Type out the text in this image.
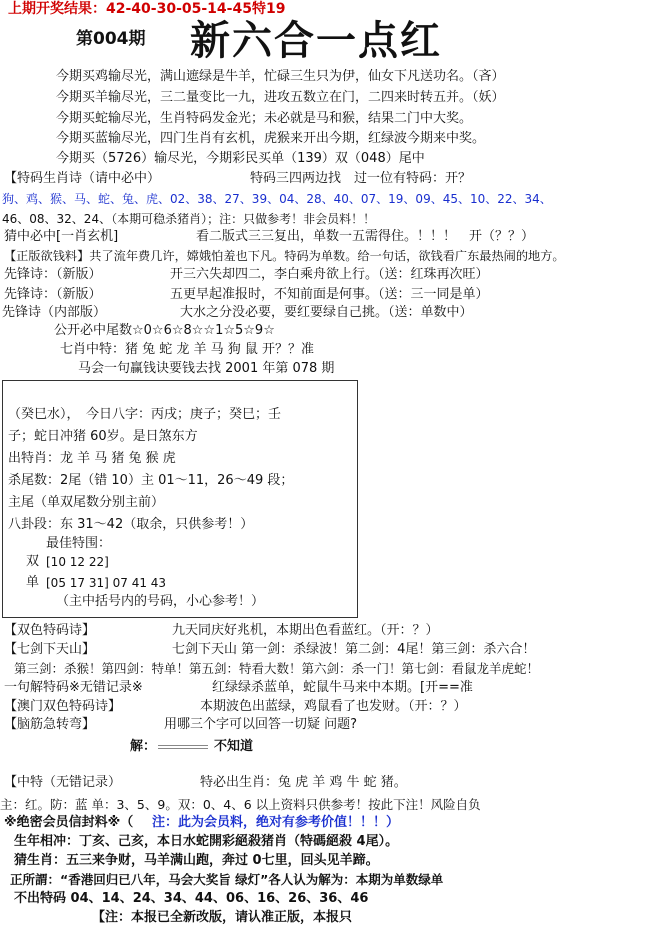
上期开奖结果：42-40-30-05-14-45特19
第004期 新六合一点红
今期买鸡输尽光，满山遮绿是牛羊，忙碌三生只为伊，仙女下凡送功名。（吝）
今期买羊输尽光，三二量变比一九，进攻五数立在门，二四来时转五并。（妖）
今期买蛇输尽光，生肖特码发金光；未必就是马和猴，结果二门中大奖。
今期买蓝输尽光，四门生肖有玄机，虎猴来开出今期，红绿波今期来中奖。
今期买（5726）输尽光，今期彩民买单（139）双（048）尾中
【特码生肖诗（请中必中）	特码三四两边找　过一位有特码：开？
狗、鸡、猴、马、蛇、兔、虎、02、38、27、39、04、28、40、07、19、09、45、10、22、34、
46、08、32、24、（本期可稳杀猪肖）；注：只做参考！非会员料！！
猜中必中[一肖玄机]	看二版式三三复出，单数一五需得住。！！！　开（？？）
【正版欲钱料】共了流年费几许，嫦娥怕羞也下凡。特码为单数。给一句话，欲钱看广东最热闹的地方。
先锋诗：（新版）	开三六失却四二，李白乘舟欲上行。（送：红珠再次旺）
先锋诗：（新版）	五更早起准报时，不知前面是何事。（送：三一同是单）
先锋诗（内部版）	大水之分没必要，要红要绿自己挑。（送：单数中）
公开必中尾数☆0☆6☆8☆☆1☆5☆9☆
七肖中特：猪 兔 蛇 龙 羊 马 狗 鼠 开？？准
马会一句赢钱诀要钱去找 2001 年第 078 期
（癸巳水），　今日八字：丙戌；庚子；癸巳；壬
子；蛇日冲猪 60岁。是日煞东方
出特肖：龙 羊 马 猪 兔 猴 虎
杀尾数：2尾（错 10）主 01～11，26～49 段；
主尾（单双尾数分别主前）
八卦段：东 31～42（取余，只供参考！）
最佳特围：
双 [10 12 22]
单 [05 17 31] 07 41 43
（主中括号内的号码，小心参考！）
【双色特码诗】	九天同庆好兆机，本期出色看蓝红。（开：？）
【七剑下天山】	七剑下天山 第一剑：杀绿波！第二剑：4尾！第三剑：杀六合！
第三剑：杀猴！第四剑：特单！第五剑：特看大数！第六剑：杀一门！第七剑：看鼠龙羊虎蛇！
一句解特码※无错记录※	红绿绿杀蓝单，蛇鼠牛马来中本期。[开==准
【澳门双色特码诗】	本期波色出蓝绿，鸡鼠看了也发财。（开：？）
【脑筋急转弯】	用哪三个字可以回答一切疑 问题?
解：	不知道
【中特（无错记录）	特必出生肖：兔 虎 羊 鸡 牛 蛇 猪。
主：红。防：蓝 单：3、5、9。双：0、4、6 以上资料只供参考！按此下注！风险自负
※绝密会员信封料※（ 注：此为会员料，绝对有参考价值！！！）
生年相冲：丁亥、己亥，本日水蛇開彩絕殺猪肖（特碼絕殺 4尾）。
猜生肖：五三来争财，马羊满山跑，奔过 0七里，回头见羊蹄。
正所謂：“香港回归已八年，马会大奖旨 绿灯”各人认为解为：本期为单数绿单
不出特码 04、14、24、34、44、06、16、26、36、46
【注：本报已全新改版，请认准正版，本报只
